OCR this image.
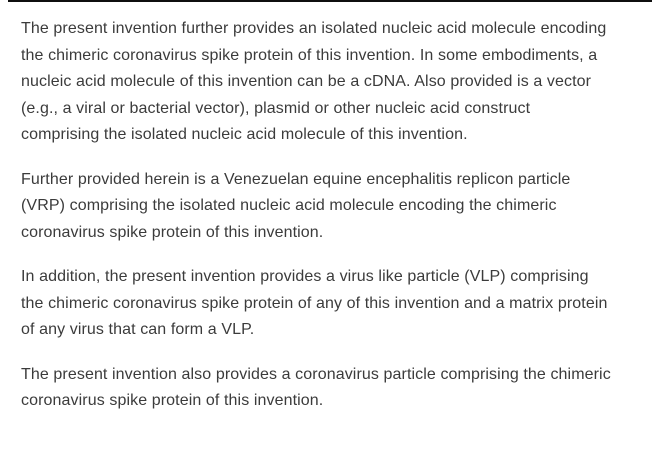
The present invention further provides an isolated nucleic acid molecule encoding the chimeric coronavirus spike protein of this invention. In some embodiments, a nucleic acid molecule of this invention can be a cDNA. Also provided is a vector (e.g., a viral or bacterial vector), plasmid or other nucleic acid construct comprising the isolated nucleic acid molecule of this invention.

Further provided herein is a Venezuelan equine encephalitis replicon particle (VRP) comprising the isolated nucleic acid molecule encoding the chimeric coronavirus spike protein of this invention.

In addition, the present invention provides a virus like particle (VLP) comprising the chimeric coronavirus spike protein of any of this invention and a matrix protein of any virus that can form a VLP.

The present invention also provides a coronavirus particle comprising the chimeric coronavirus spike protein of this invention.
